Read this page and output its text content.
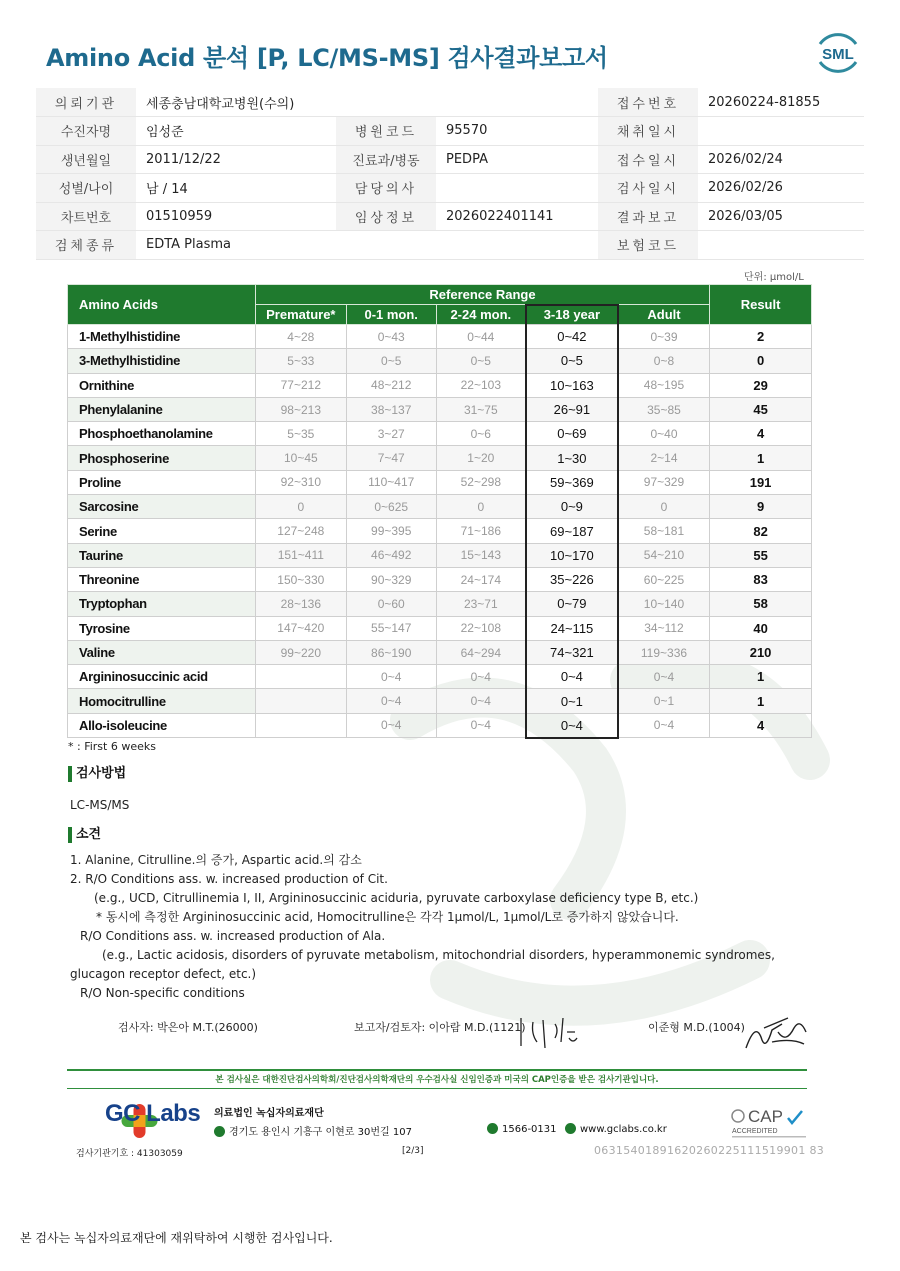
Amino Acid 분석 [P, LC/MS-MS] 검사결과보고서	SML
의뢰기관	세종충남대학교병원(수의)			접수번호	20260224-81855
수진자명	임성준	병원코드	95570	채취일시	
생년월일	2011/12/22	진료과/병동	PEDPA	접수일시	2026/02/24
성별/나이	남 / 14	담당의사		검사일시	2026/02/26
차트번호	01510959	임상정보	2026022401141	결과보고	2026/03/05
검체종류	EDTA Plasma			보험코드	
단위: μmol/L
Amino Acids	Reference Range					Result
	Premature*	0-1 mon.	2-24 mon.	3-18 year	Adult	
1-Methylhistidine	4~28	0~43	0~44	0~42	0~39	2
3-Methylhistidine	5~33	0~5	0~5	0~5	0~8	0
Ornithine	77~212	48~212	22~103	10~163	48~195	29
Phenylalanine	98~213	38~137	31~75	26~91	35~85	45
Phosphoethanolamine	5~35	3~27	0~6	0~69	0~40	4
Phosphoserine	10~45	7~47	1~20	1~30	2~14	1
Proline	92~310	110~417	52~298	59~369	97~329	191
Sarcosine	0	0~625	0	0~9	0	9
Serine	127~248	99~395	71~186	69~187	58~181	82
Taurine	151~411	46~492	15~143	10~170	54~210	55
Threonine	150~330	90~329	24~174	35~226	60~225	83
Tryptophan	28~136	0~60	23~71	0~79	10~140	58
Tyrosine	147~420	55~147	22~108	24~115	34~112	40
Valine	99~220	86~190	64~294	74~321	119~336	210
Argininosuccinic acid		0~4	0~4	0~4	0~4	1
Homocitrulline		0~4	0~4	0~1	0~1	1
Allo-isoleucine		0~4	0~4	0~4	0~4	4
* : First 6 weeks
검사방법
LC-MS/MS
소견
1. Alanine, Citrulline.의 증가, Aspartic acid.의 감소
2. R/O Conditions ass. w. increased production of Cit.
(e.g., UCD, Citrullinemia I, II, Argininosuccinic aciduria, pyruvate carboxylase deficiency type B, etc.)
* 동시에 측정한 Argininosuccinic acid, Homocitrulline은 각각 1μmol/L, 1μmol/L로 증가하지 않았습니다.
R/O Conditions ass. w. increased production of Ala.
(e.g., Lactic acidosis, disorders of pyruvate metabolism, mitochondrial disorders, hyperammonemic syndromes,
glucagon receptor defect, etc.)
R/O Non-specific conditions
검사자: 박은아 M.T.(26000)	보고자/검토자: 이아람 M.D.(1121)	이준형 M.D.(1004)
본 검사실은 대한진단검사의학회/진단검사의학재단의 우수검사실 신임인증과 미국의 CAP인증을 받은 검사기관입니다.
GC Labs 의료법인 녹십자의료재단
경기도 용인시 기흥구 이현로 30번길 107	1566-0131	www.gclabs.co.kr
CAP
ACCREDITED
검사기관기호 : 41303059	[2/3]	06315401891620260225111519901 83
본 검사는 녹십자의료재단에 재위탁하여 시행한 검사입니다.
